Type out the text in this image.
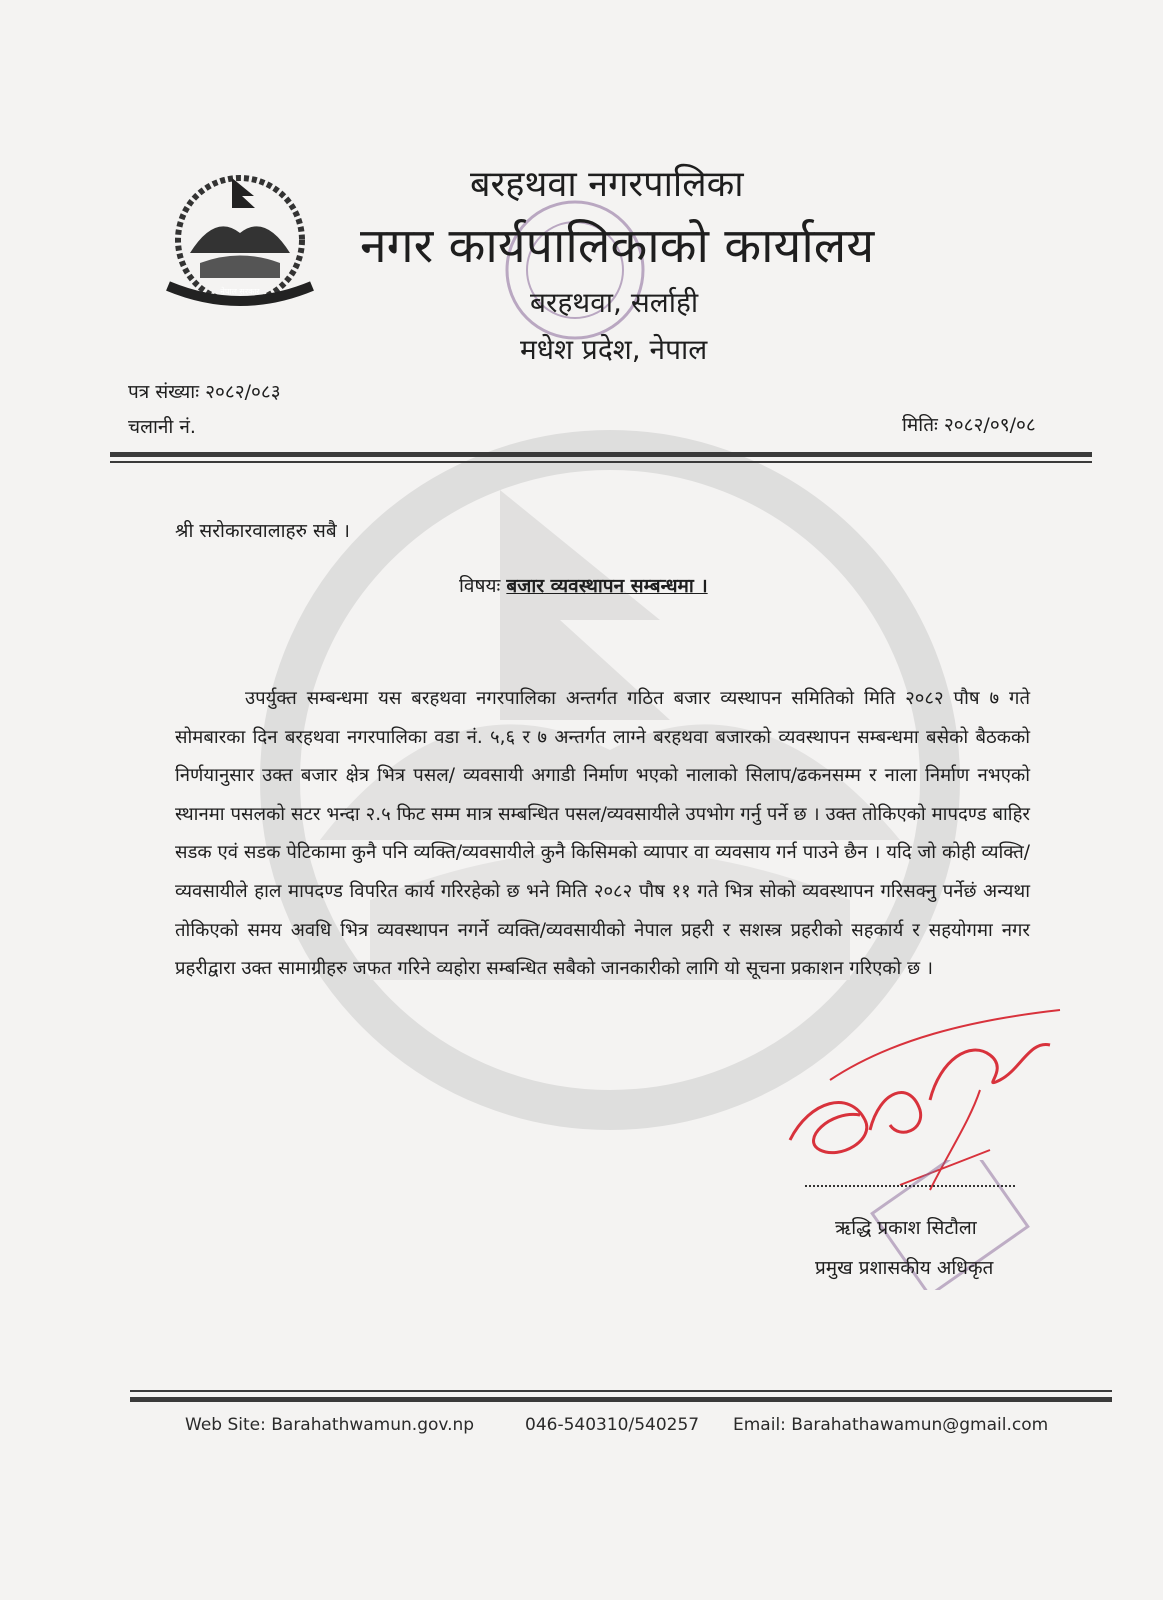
नेपाल सरकार
बरहथवा नगरपालिका
नगर कार्यपालिकाको कार्यालय
बरहथवा, सर्लाही
मधेश प्रदेश, नेपाल
पत्र संख्याः २०८२/०८३
चलानी नं.	मितिः २०८२/०९/०८
श्री सरोकारवालाहरु सबै ।
विषयः बजार व्यवस्थापन सम्बन्धमा ।
उपर्युक्त सम्बन्धमा यस बरहथवा नगरपालिका अन्तर्गत गठित बजार व्यस्थापन समितिको मिति २०८२ पौष ७ गते सोमबारका दिन बरहथवा नगरपालिका वडा नं. ५,६ र ७ अन्तर्गत लाग्ने बरहथवा बजारको व्यवस्थापन सम्बन्धमा बसेको बैठकको निर्णयानुसार उक्त बजार क्षेत्र भित्र पसल/ व्यवसायी अगाडी निर्माण भएको नालाको सिलाप/ढकनसम्म र नाला निर्माण नभएको स्थानमा पसलको सटर भन्दा २.५ फिट सम्म मात्र सम्बन्धित पसल/व्यवसायीले उपभोग गर्नु पर्ने छ । उक्त तोकिएको मापदण्ड बाहिर सडक एवं सडक पेटिकामा कुनै पनि व्यक्ति/व्यवसायीले कुनै किसिमको व्यापार वा व्यवसाय गर्न पाउने छैन । यदि जो कोही व्यक्ति/ व्यवसायीले हाल मापदण्ड विपरित कार्य गरिरहेको छ भने मिति २०८२ पौष ११ गते भित्र सोको व्यवस्थापन गरिसक्नु पर्नेछं अन्यथा तोकिएको समय अवधि भित्र व्यवस्थापन नगर्ने व्यक्ति/व्यवसायीको नेपाल प्रहरी र सशस्त्र प्रहरीको सहकार्य र सहयोगमा नगर प्रहरीद्वारा उक्त सामाग्रीहरु जफत गरिने व्यहोरा सम्बन्धित सबैको जानकारीको लागि यो सूचना प्रकाशन गरिएको छ ।
ऋद्धि प्रकाश सिटौला
प्रमुख प्रशासकीय अधिकृत
Web Site: Barahathwamun.gov.np	046-540310/540257 Email: Barahathawamun@gmail.com
